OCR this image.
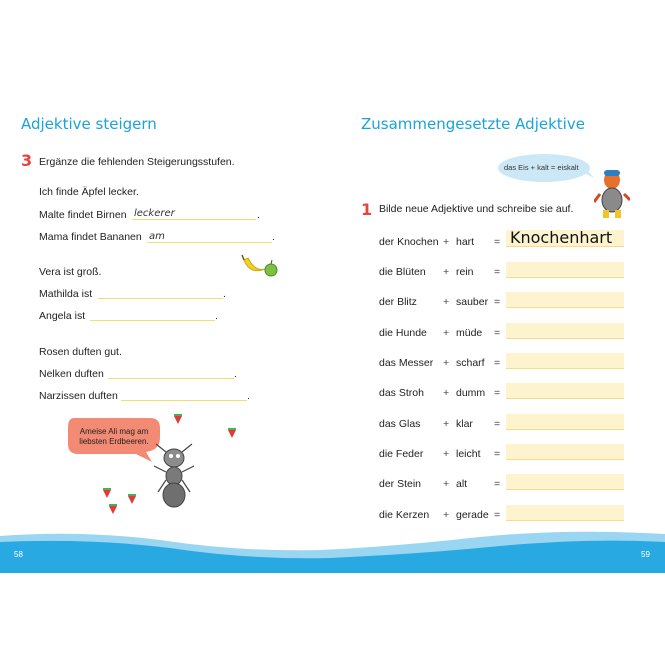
Adjektive steigern
3 Ergänze die fehlenden Steigerungsstufen.
Ich finde Äpfel lecker.
Malte findet Birnen leckerer	.
Mama findet Bananen am	.
Vera ist groß.
Mathilda ist	.
Angela ist	.
Rosen duften gut.
Nelken duften	.
Narzissen duften	.
Ameise Ali mag am liebsten Erdbeeren.
Zusammengesetzte Adjektive
das Eis + kalt = eiskalt
1 Bilde neue Adjektive und schreibe sie auf.
der Knochen + hart = Knochenhart
die Blüten + rein =
der Blitz + sauber =
die Hunde + müde =
das Messer + scharf =
das Stroh + dumm =
das Glas + klar =
die Feder + leicht =
der Stein + alt	=
die Kerzen + gerade =
58	59
